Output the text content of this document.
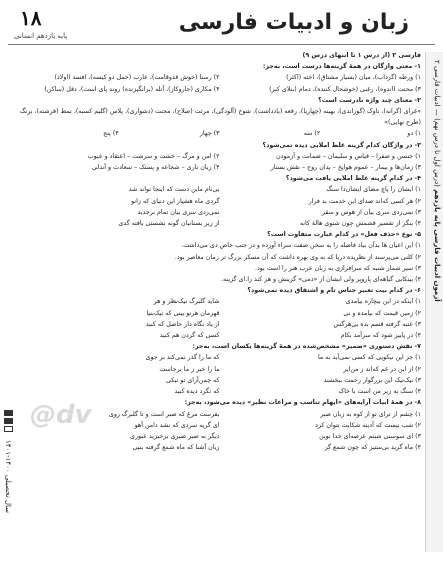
۱۸
پایه یازدهم انسانی
زبان و ادبیات فارسی
آزمون ادبیات فارسی پایه یازدهم (درس اول تا درس نهم) — ادبیات فارسی ۲
سال تحصیلی ۱۴۰۰-۱۴۰۱
@dv
فارسی ۲ (از درس ۱ تا انتهای درس ۹)
۱- معنی واژگان در همهٔ گزینه‌ها درست است، به‌جز:
۱) ورطه (گرداب)، میان (بسیار مشتاق)، اخته (اکثر)
۲) رستا (خوش قدوقامت)، عارب (حمل دو کیسه)، افسد (اولاد)
۳) محنت (اندوه)، رغبی (خوشحال کننده)، دمام (بنلای کبر)
۴) مکاری (جاروکاز)، آنله (برانگیزنده) روند پای است)، دقل (ساکن)
۲- معنای چند واژه نادرست است؟
«غرای (گرانه)، تاوک (گوراندی)، بهینه (چهاریا)، رقعه (یادداشت)، شوخ (آلودگی)، مرثت (صلاح)، محنت (دشواری)، پلاس (گلیم کسبه)، نمط (فرشته)، برنگ (طرح نهایی)»
۱) دو
۲) سه
۳) چهار
۴) پنج
۳- در واژگان کدام گزینه غلط املایی دیده نمی‌شود؟
۱) جنسن و صفرا – قیاس و سلیمان – ضمانت و آزمودن
۲) امن و مرگ – خشت و سرشت – اعتقاد و عیوب
۳) زمان‌ها و بیمار – عموم هوایخ – بدان روح – نقش بستار
۴) زبان تاری – شجاعه و پستک – سعادت و آندلی
۴- در کدام گزینه غلط املایی یافت می‌شود؟
۱) ایشان را پاچ مضای ایشان‌دا سنگ
بی‌نام ماین دست که اینجا تواند شد
۲) هر کسی که‌اند صدای این خدمت بد فرار
گردی ماه هشیار این دنیای که زانو
۳) نمی‌زدی سری بیان از هوس و سقر
نمی‌زدی سری بیان تمام برجدید
۴) بنگر از تفسیر قشمش چون شنوی هالهٔ کانه
از زیر بستانیان گونه نشستی یافته گدی
۵- نوع «حذف فعل» در کدام عبارت متفاوت است؟
۱) این اعیان ها بدآن بیاد فاصله را به سخن صفت سراء آورده و در جنب خاص دی می‌داشت.
۲) کلنی می‌پرسند از نظریده دریا که به وی بهره داشت که آن مسکر بزرگ تر زمان معاصر بود.
۳) سیر شمار شنبه که سرافرازی به زبان عرب هنر را است بود.
۴) بینکایی گیاهه‌ای پاروپر ولی ایشان از «دمی» گزینش و هر کند را.ای گزینه.
۶- در کدام بیت تعبیر جناس تام و اشتقاق دیده نمی‌شود؟
۱) اینکه در این بیچاره بیامدی
شاید گلبرگ نیک‌نظر و هر
۲) زمین قیمت که بیامده و نی
قهرمان هرنو بینی که نیک‌بنیا
۳) عتبه گرفته قسم بده بی‌هرگس
از یاد نگاه دار حاصل که کنید
۴) در پاییز شود که سرآمد بکام
کسی که گردن هم کنید
۷- نقش دستوری «ضمیر» مشخص‌شده در همهٔ گزینه‌ها یکسان است، به‌جز:
۱) جز این نیکویی که کسی نمی‌آید به ما
که ما را گذر نمی‌کند بر جوی
۲) از این در غم که‌اند ز من‌ایر
ما را خبر ز ما برجاست
۳) نیک‌نیک این بزرگوار رحمت ببخشند
که چمن‌آرای تو نیکی
۴) سنگ به زیر من است با خاک
که نگرد دیده کنید
۸- در همهٔ ابیات آرایه‌های «ایهام تناسب و مراعات نظیر» دیده می‌شود، به‌جز:
۱) چشم از ترای تو از کوه به زبان صبر
بفرست مرغ که صبر است و تا گلبرگ روی
۲) شب نیست که آدینه شکایت نتوان کرد
ای گریه سردی که نشد دامن آهو
۳) ای سوسنی شبنم عرصه‌ای خدا نوین
دیگر به صبر صبری برخیزید عبوری
۴) ماه گرید بی‌ستیز که چون شمع گر
زبان آشنا که ماه شمع گرفته بنیی
